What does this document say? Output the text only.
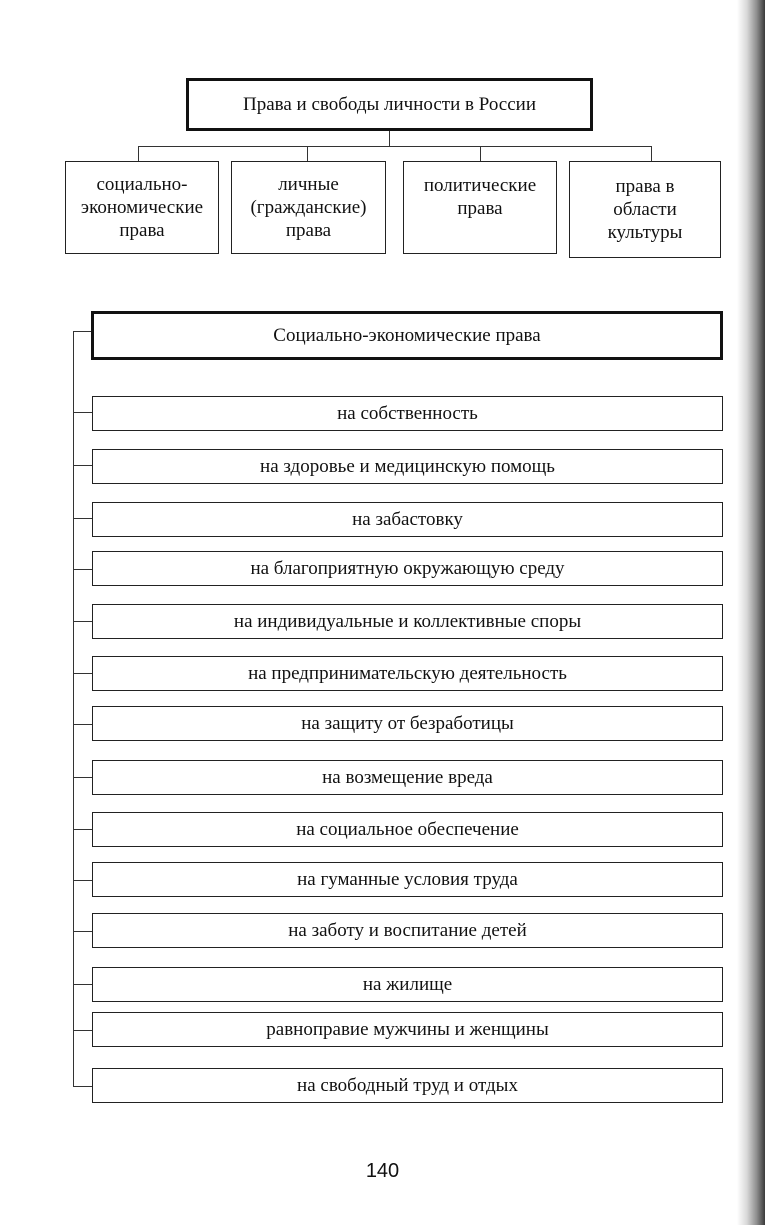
Права и свободы личности в России
социально-
экономические
права
личные
(гражданские)
права
политические
права
права в
области
культуры
Социально-экономические права
на собственность
на здоровье и медицинскую помощь
на забастовку
на благоприятную окружающую среду
на индивидуальные и коллективные споры
на предпринимательскую деятельность
на защиту от безработицы
на возмещение вреда
на социальное обеспечение
на гуманные условия труда
на заботу и воспитание детей
на жилище
равноправие мужчины и женщины
на свободный труд и отдых
140
